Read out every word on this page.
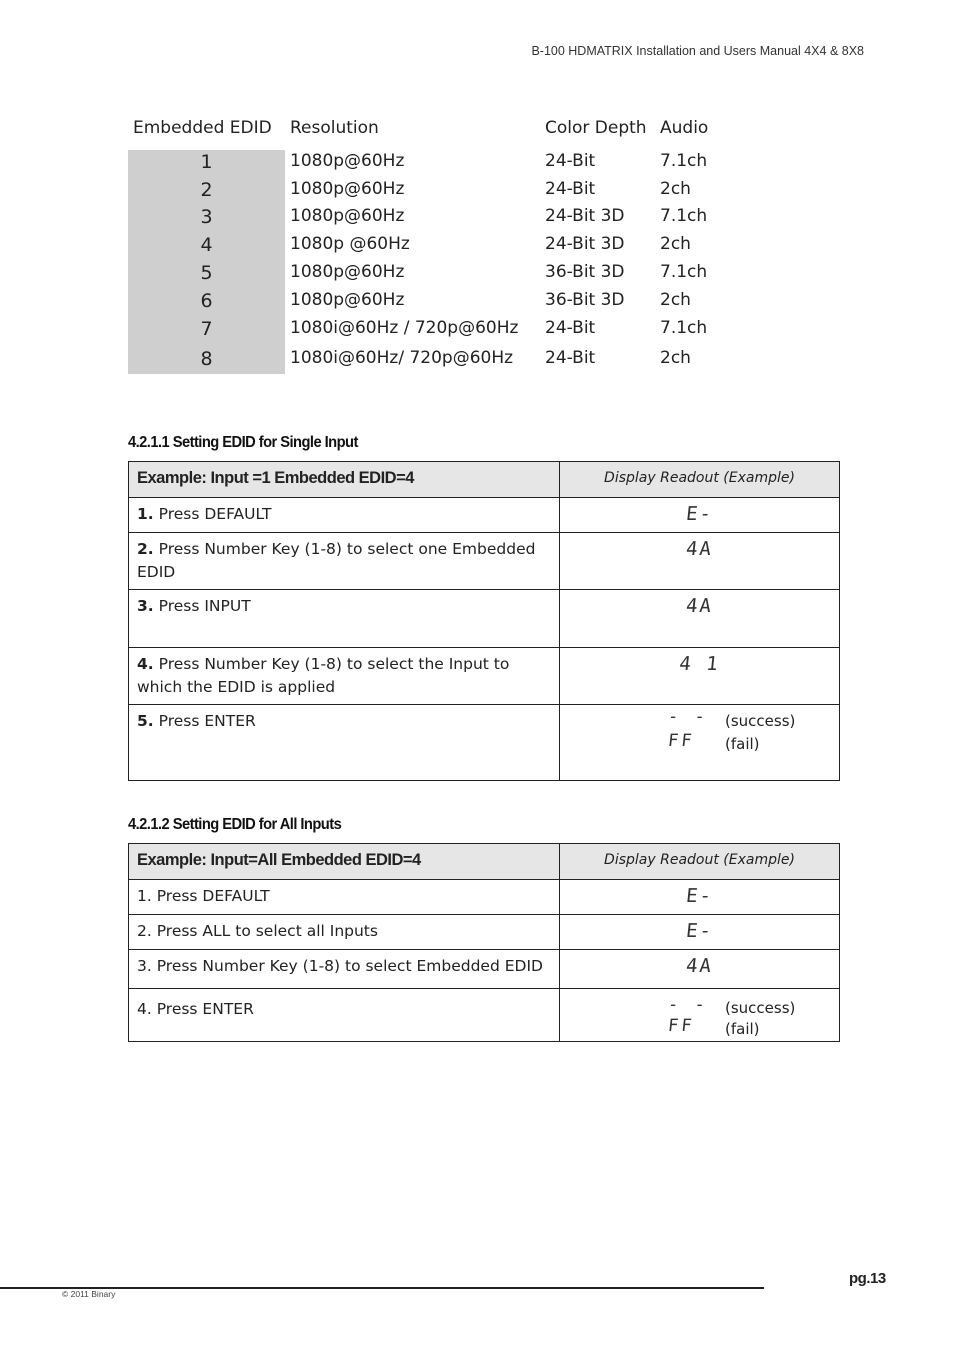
B-100 HDMATRIX Installation and Users Manual 4X4 & 8X8
Embedded EDID Resolution	Color Depth Audio
1	1080p@60Hz	24-Bit	7.1ch
2	1080p@60Hz	24-Bit	2ch
3	1080p@60Hz	24-Bit 3D 7.1ch
4	1080p @60Hz	24-Bit 3D 2ch
5	1080p@60Hz	36-Bit 3D 7.1ch
6	1080p@60Hz	36-Bit 3D 2ch
7	1080i@60Hz / 720p@60Hz 24-Bit	7.1ch
8	1080i@60Hz/ 720p@60Hz 24-Bit	2ch
4.2.1.1 Setting EDID for Single Input
Example: Input =1 Embedded EDID=4	Display Readout (Example)
1. Press DEFAULT	E-

2. Press Number Key (1-8) to select one Embedded EDID	4A

3. Press INPUT	4A

4. Press Number Key (1-8) to select the Input to which the EDID is applied	4 1

5. Press ENTER	- - (success)
FF (fail)
4.2.1.2 Setting EDID for All Inputs
Example: Input=All Embedded EDID=4	Display Readout (Example)
1. Press DEFAULT	E-

2. Press ALL to select all Inputs	E-

3. Press Number Key (1-8) to select Embedded EDID	4A

4. Press ENTER	- - (success)
FF (fail)
© 2011 Binary
pg.13
